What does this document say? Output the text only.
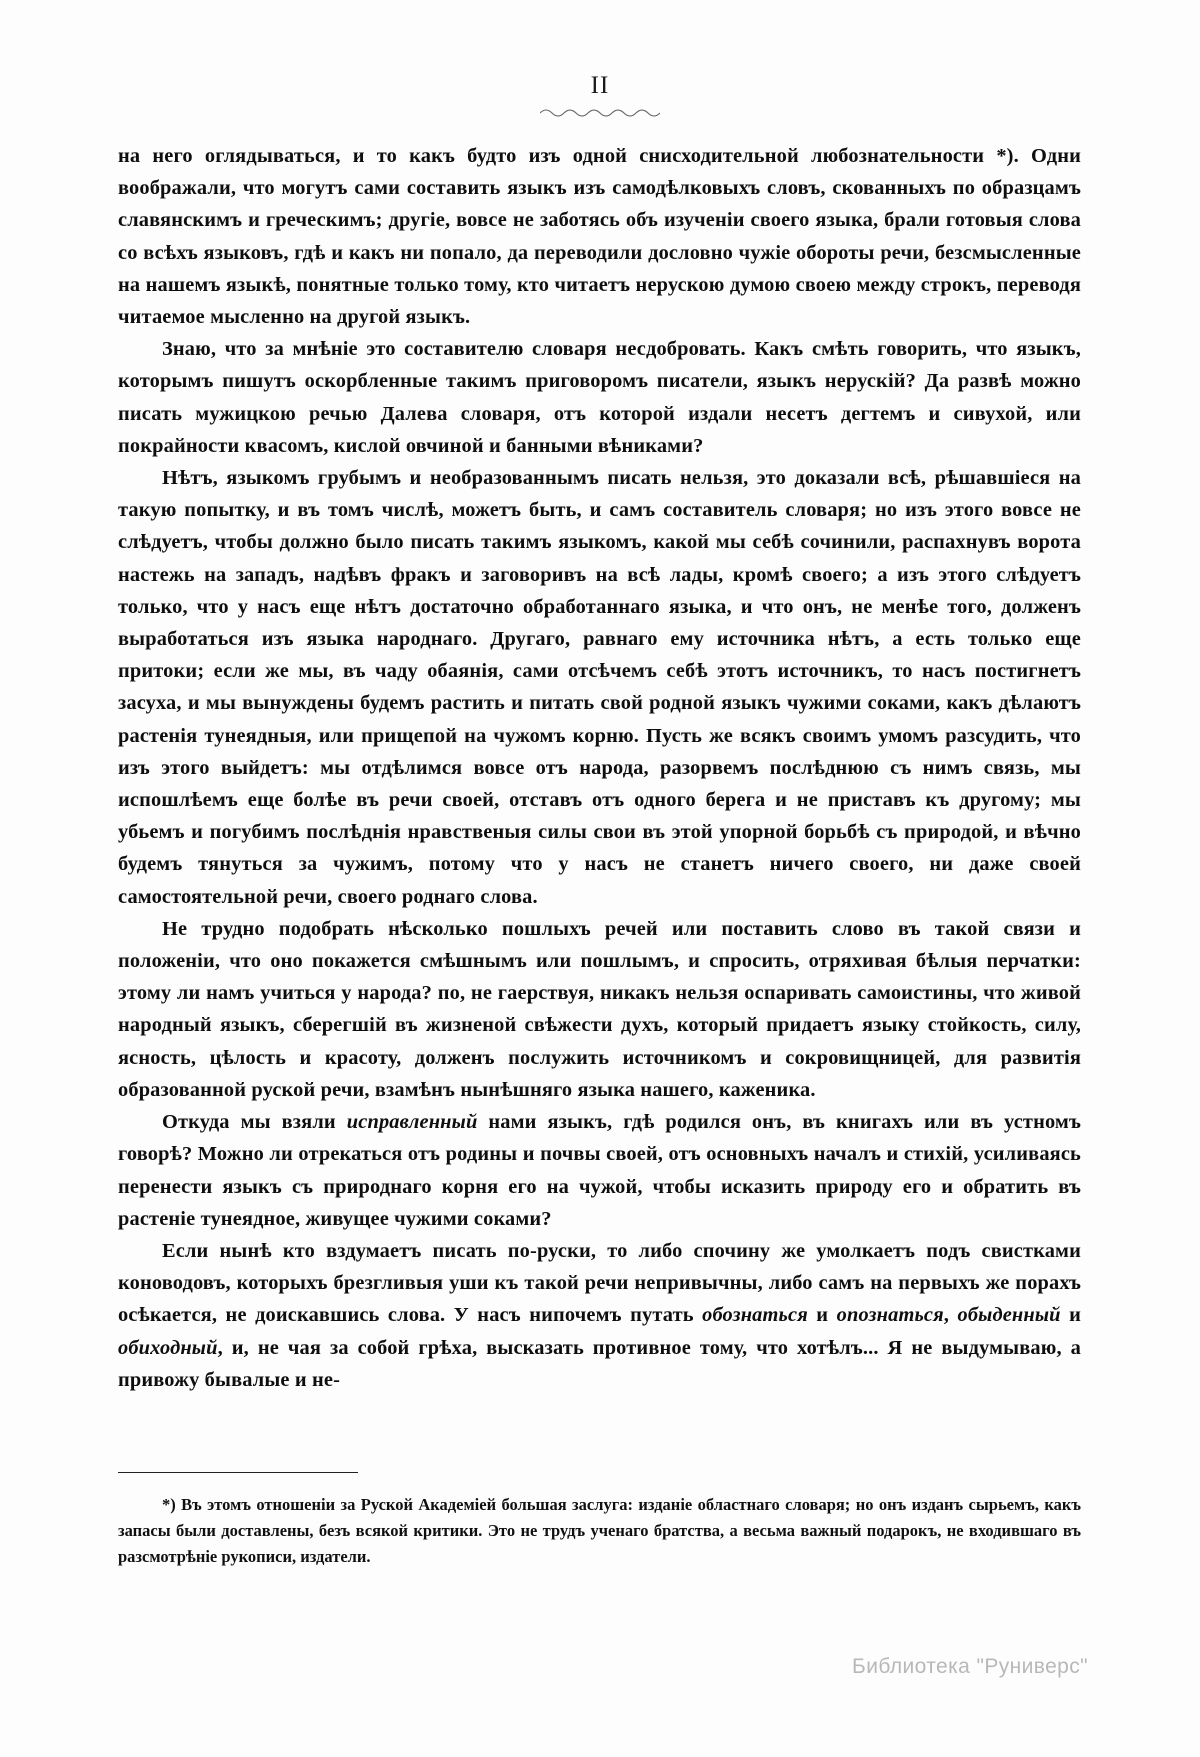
II

на него оглядываться, и то какъ будто изъ одной снисходительной любознательности *). Одни воображали, что могутъ сами составить языкъ изъ самодѣлковыхъ словъ, скованныхъ по образцамъ славянскимъ и греческимъ; другіе, вовсе не заботясь объ изученіи своего языка, брали готовыя слова со всѣхъ языковъ, гдѣ и какъ ни попало, да переводили дословно чужіе обороты речи, безсмысленные на нашемъ языкѣ, понятные только тому, кто читаетъ нерускою думою своею между строкъ, переводя читаемое мысленно на другой языкъ.

Знаю, что за мнѣніе это составителю словаря несдобровать. Какъ смѣть говорить, что языкъ, которымъ пишутъ оскорбленные такимъ приговоромъ писатели, языкъ нерускій? Да развѣ можно писать мужицкою речью Далева словаря, отъ которой издали несетъ дегтемъ и сивухой, или покрайности квасомъ, кислой овчиной и банными вѣниками?

Нѣтъ, языкомъ грубымъ и необразованнымъ писать нельзя, это доказали всѣ, рѣшавшіеся на такую попытку, и въ томъ числѣ, можетъ быть, и самъ составитель словаря; но изъ этого вовсе не слѣдуетъ, чтобы должно было писать такимъ языкомъ, какой мы себѣ сочинили, распахнувъ ворота настежь на западъ, надѣвъ фракъ и заговоривъ на всѣ лады, кромѣ своего; а изъ этого слѣдуетъ только, что у насъ еще нѣтъ достаточно обработаннаго языка, и что онъ, не менѣе того, долженъ выработаться изъ языка народнаго. Другаго, равнаго ему источника нѣтъ, а есть только еще притоки; если же мы, въ чаду обаянія, сами отсѣчемъ себѣ этотъ источникъ, то насъ постигнетъ засуха, и мы вынуждены будемъ растить и питать свой родной языкъ чужими соками, какъ дѣлаютъ растенія тунеядныя, или прищепой на чужомъ корню. Пусть же всякъ своимъ умомъ разсудить, что изъ этого выйдетъ: мы отдѣлимся вовсе отъ народа, разорвемъ послѣднюю съ нимъ связь, мы испошлѣемъ еще болѣе въ речи своей, отставъ отъ одного берега и не приставъ къ другому; мы убьемъ и погубимъ послѣднія нравственыя силы свои въ этой упорной борьбѣ съ природой, и вѣчно будемъ тянуться за чужимъ, потому что у насъ не станетъ ничего своего, ни даже своей самостоятельной речи, своего роднаго слова.

Не трудно подобрать нѣсколько пошлыхъ речей или поставить слово въ такой связи и положеніи, что оно покажется смѣшнымъ или пошлымъ, и спросить, отряхивая бѣлыя перчатки: этому ли намъ учиться у народа? по, не гаерствуя, никакъ нельзя оспаривать самоистины, что живой народный языкъ, сберегшій въ жизненой свѣжести духъ, который придаетъ языку стойкость, силу, ясность, цѣлость и красоту, долженъ послужить источникомъ и сокровищницей, для развитія образованной руской речи, взамѣнъ нынѣшняго языка нашего, каженика.

Откуда мы взяли исправленный нами языкъ, гдѣ родился онъ, въ книгахъ или въ устномъ говорѣ? Можно ли отрекаться отъ родины и почвы своей, отъ основныхъ началъ и стихій, усиливаясь перенести языкъ съ природнаго корня его на чужой, чтобы исказить природу его и обратить въ растеніе тунеядное, живущее чужими соками?

Если нынѣ кто вздумаетъ писать по-руски, то либо спочину же умолкаетъ подъ свистками коноводовъ, которыхъ брезгливыя уши къ такой речи непривычны, либо самъ на первыхъ же порахъ осѣкается, не доискавшись слова. У насъ нипочемъ путать обознаться и опознаться, обыденный и обиходный, и, не чая за собой грѣха, высказать противное тому, что хотѣлъ... Я не выдумываю, а привожу бывалые и не-

*) Въ этомъ отношеніи за Руской Академіей большая заслуга: изданіе областнаго словаря; но онъ изданъ сырьемъ, какъ запасы были доставлены, безъ всякой критики. Это не трудъ ученаго братства, а весьма важный подарокъ, не входившаго въ разсмотрѣніе рукописи, издатели.

Библиотека "Руниверс"
